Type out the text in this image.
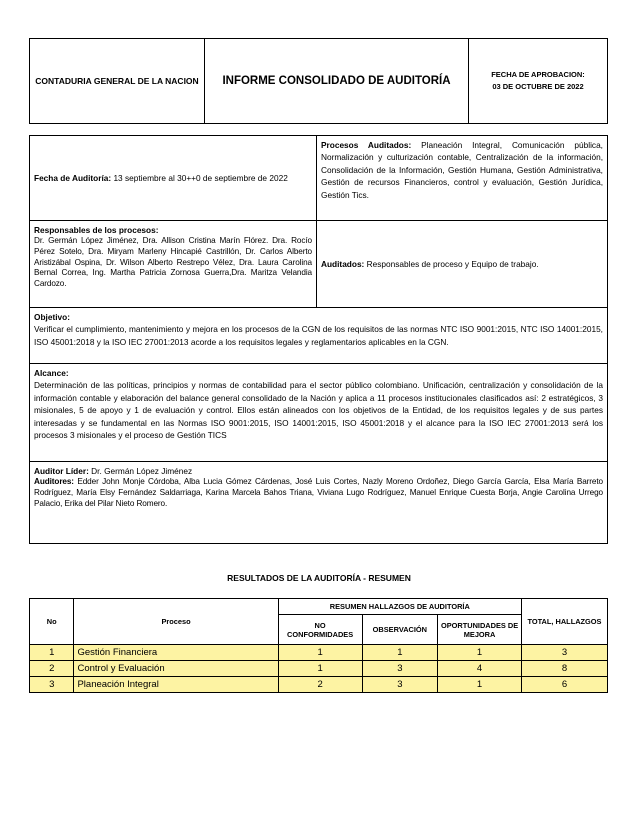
CONTADURIA GENERAL DE LA NACION	INFORME CONSOLIDADO DE AUDITORÍA	
FECHA DE APROBACION:
03 DE OCTUBRE DE 2022
Fecha de Auditoría: 13 septiembre al 30++0 de septiembre de 2022	Procesos Auditados: Planeación Integral, Comunicación pública, Normalización y culturización contable, Centralización de la información, Consolidación de la Información, Gestión Humana, Gestión Administrativa, Gestión de recursos Financieros, control y evaluación, Gestión Jurídica, Gestión Tics.

Responsables de los procesos:
Dr. Germán López Jiménez, Dra. Allison Cristina Marín Flórez. Dra. Rocío Pérez Sotelo, Dra. Miryam Marleny Hincapié Castrillón, Dr. Carlos Alberto Aristizábal Ospina, Dr. Wilson Alberto Restrepo Vélez, Dra. Laura Carolina Bernal Correa, Ing. Martha Patricia Zornosa Guerra,Dra. Maritza Velandia Cardozo.	Auditados: Responsables de proceso y Equipo de trabajo.

Objetivo:
Verificar el cumplimiento, mantenimiento y mejora en los procesos de la CGN de los requisitos de las normas NTC ISO 9001:2015, NTC ISO 14001:2015, ISO 45001:2018 y la ISO IEC 27001:2013 acorde a los requisitos legales y reglamentarios aplicables en la CGN.	

Alcance:
Determinación de las políticas, principios y normas de contabilidad para el sector público colombiano. Unificación, centralización y consolidación de la información contable y elaboración del balance general consolidado de la Nación y aplica a 11 procesos institucionales clasificados así: 2 estratégicos, 3 misionales, 5 de apoyo y 1 de evaluación y control. Ellos están alineados con los objetivos de la Entidad, de los requisitos legales y de sus partes interesadas y se fundamental en las Normas ISO 9001:2015, ISO 14001:2015, ISO 45001:2018 y el alcance para la ISO IEC 27001:2013 será los procesos 3 misionales y el proceso de Gestión TICS	

Auditor Líder: Dr. Germán López Jiménez
Auditores: Edder John Monje Córdoba, Alba Lucia Gómez Cárdenas, José Luis Cortes, Nazly Moreno Ordoñez, Diego García García, Elsa María Barreto Rodríguez, María Elsy Fernández Saldarriaga, Karina Marcela Bahos Triana, Viviana Lugo Rodríguez, Manuel Enrique Cuesta Borja, Angie Carolina Urrego Palacio, Erika del Pilar Nieto Romero.	
RESULTADOS DE LA AUDITORÍA - RESUMEN
No	Proceso	RESUMEN HALLAZGOS DE AUDITORÍA			TOTAL, HALLAZGOS
		NO CONFORMIDADES	OBSERVACIÓN	OPORTUNIDADES DE MEJORA	
1	Gestión Financiera	1	1	1	3
2	Control y Evaluación	1	3	4	8
3	Planeación Integral	2	3	1	6
